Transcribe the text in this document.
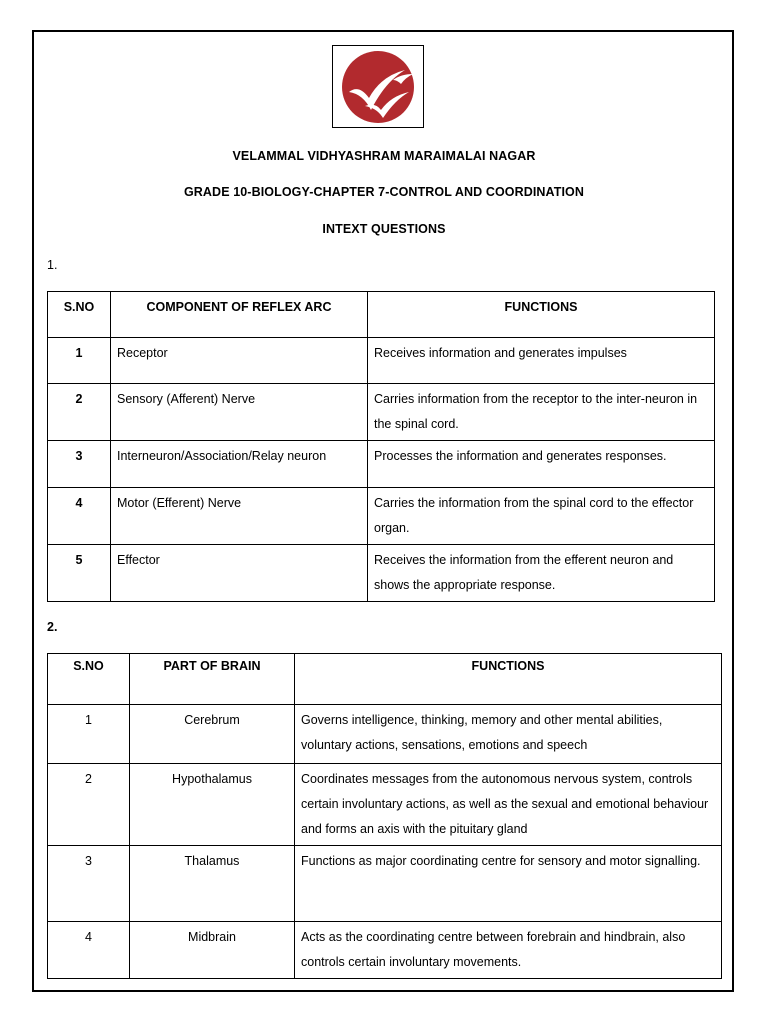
VELAMMAL VIDHYASHRAM MARAIMALAI NAGAR
GRADE 10-BIOLOGY-CHAPTER 7-CONTROL AND COORDINATION
INTEXT QUESTIONS
1.
S.NO	COMPONENT OF REFLEX ARC	FUNCTIONS
1	Receptor	Receives information and generates impulses
2	Sensory (Afferent) Nerve	Carries information from the receptor to the inter-neuron in the spinal cord.
3	Interneuron/Association/Relay neuron	Processes the information and generates responses.
4	Motor (Efferent) Nerve	Carries the information from the spinal cord to the effector organ.
5	Effector	Receives the information from the efferent neuron and shows the appropriate response.
2.
S.NO	PART OF BRAIN	FUNCTIONS
1	Cerebrum	Governs intelligence, thinking, memory and other mental abilities, voluntary actions, sensations, emotions and speech
2	Hypothalamus	Coordinates messages from the autonomous nervous system, controls certain involuntary actions, as well as the sexual and emotional behaviour and forms an axis with the pituitary gland
3	Thalamus	Functions as major coordinating centre for sensory and motor signalling.
4	Midbrain	Acts as the coordinating centre between forebrain and hindbrain, also controls certain involuntary movements.
